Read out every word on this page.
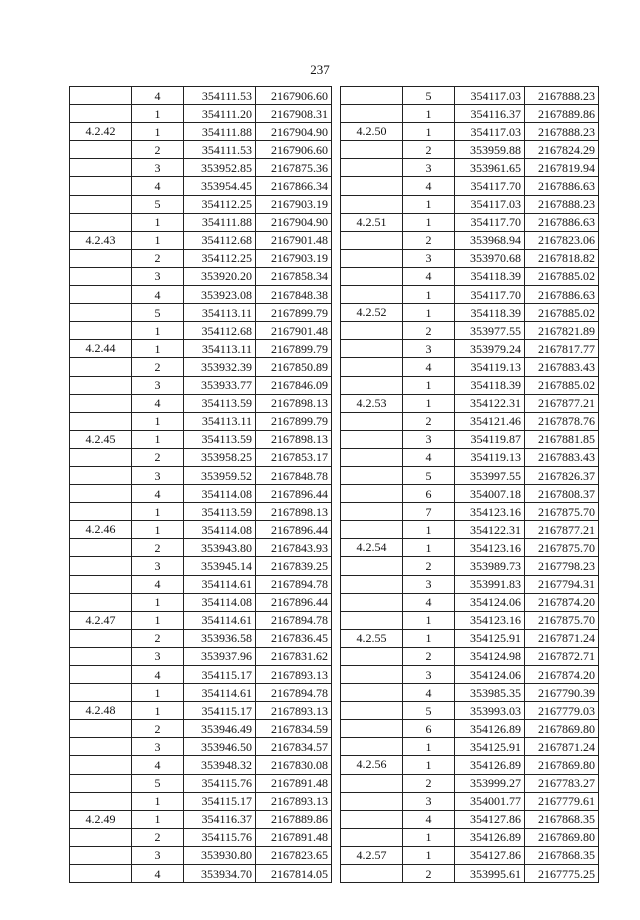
237
	4	354111.53	2167906.60
	1	354111.20	2167908.31
4.2.42	1	354111.88	2167904.90
	2	354111.53	2167906.60
	3	353952.85	2167875.36
	4	353954.45	2167866.34
	5	354112.25	2167903.19
	1	354111.88	2167904.90
4.2.43	1	354112.68	2167901.48
	2	354112.25	2167903.19
	3	353920.20	2167858.34
	4	353923.08	2167848.38
	5	354113.11	2167899.79
	1	354112.68	2167901.48
4.2.44	1	354113.11	2167899.79
	2	353932.39	2167850.89
	3	353933.77	2167846.09
	4	354113.59	2167898.13
	1	354113.11	2167899.79
4.2.45	1	354113.59	2167898.13
	2	353958.25	2167853.17
	3	353959.52	2167848.78
	4	354114.08	2167896.44
	1	354113.59	2167898.13
4.2.46	1	354114.08	2167896.44
	2	353943.80	2167843.93
	3	353945.14	2167839.25
	4	354114.61	2167894.78
	1	354114.08	2167896.44
4.2.47	1	354114.61	2167894.78
	2	353936.58	2167836.45
	3	353937.96	2167831.62
	4	354115.17	2167893.13
	1	354114.61	2167894.78
4.2.48	1	354115.17	2167893.13
	2	353946.49	2167834.59
	3	353946.50	2167834.57
	4	353948.32	2167830.08
	5	354115.76	2167891.48
	1	354115.17	2167893.13
4.2.49	1	354116.37	2167889.86
	2	354115.76	2167891.48
	3	353930.80	2167823.65
	4	353934.70	2167814.05
	5	354117.03	2167888.23
	1	354116.37	2167889.86
4.2.50	1	354117.03	2167888.23
	2	353959.88	2167824.29
	3	353961.65	2167819.94
	4	354117.70	2167886.63
	1	354117.03	2167888.23
4.2.51	1	354117.70	2167886.63
	2	353968.94	2167823.06
	3	353970.68	2167818.82
	4	354118.39	2167885.02
	1	354117.70	2167886.63
4.2.52	1	354118.39	2167885.02
	2	353977.55	2167821.89
	3	353979.24	2167817.77
	4	354119.13	2167883.43
	1	354118.39	2167885.02
4.2.53	1	354122.31	2167877.21
	2	354121.46	2167878.76
	3	354119.87	2167881.85
	4	354119.13	2167883.43
	5	353997.55	2167826.37
	6	354007.18	2167808.37
	7	354123.16	2167875.70
	1	354122.31	2167877.21
4.2.54	1	354123.16	2167875.70
	2	353989.73	2167798.23
	3	353991.83	2167794.31
	4	354124.06	2167874.20
	1	354123.16	2167875.70
4.2.55	1	354125.91	2167871.24
	2	354124.98	2167872.71
	3	354124.06	2167874.20
	4	353985.35	2167790.39
	5	353993.03	2167779.03
	6	354126.89	2167869.80
	1	354125.91	2167871.24
4.2.56	1	354126.89	2167869.80
	2	353999.27	2167783.27
	3	354001.77	2167779.61
	4	354127.86	2167868.35
	1	354126.89	2167869.80
4.2.57	1	354127.86	2167868.35
	2	353995.61	2167775.25
